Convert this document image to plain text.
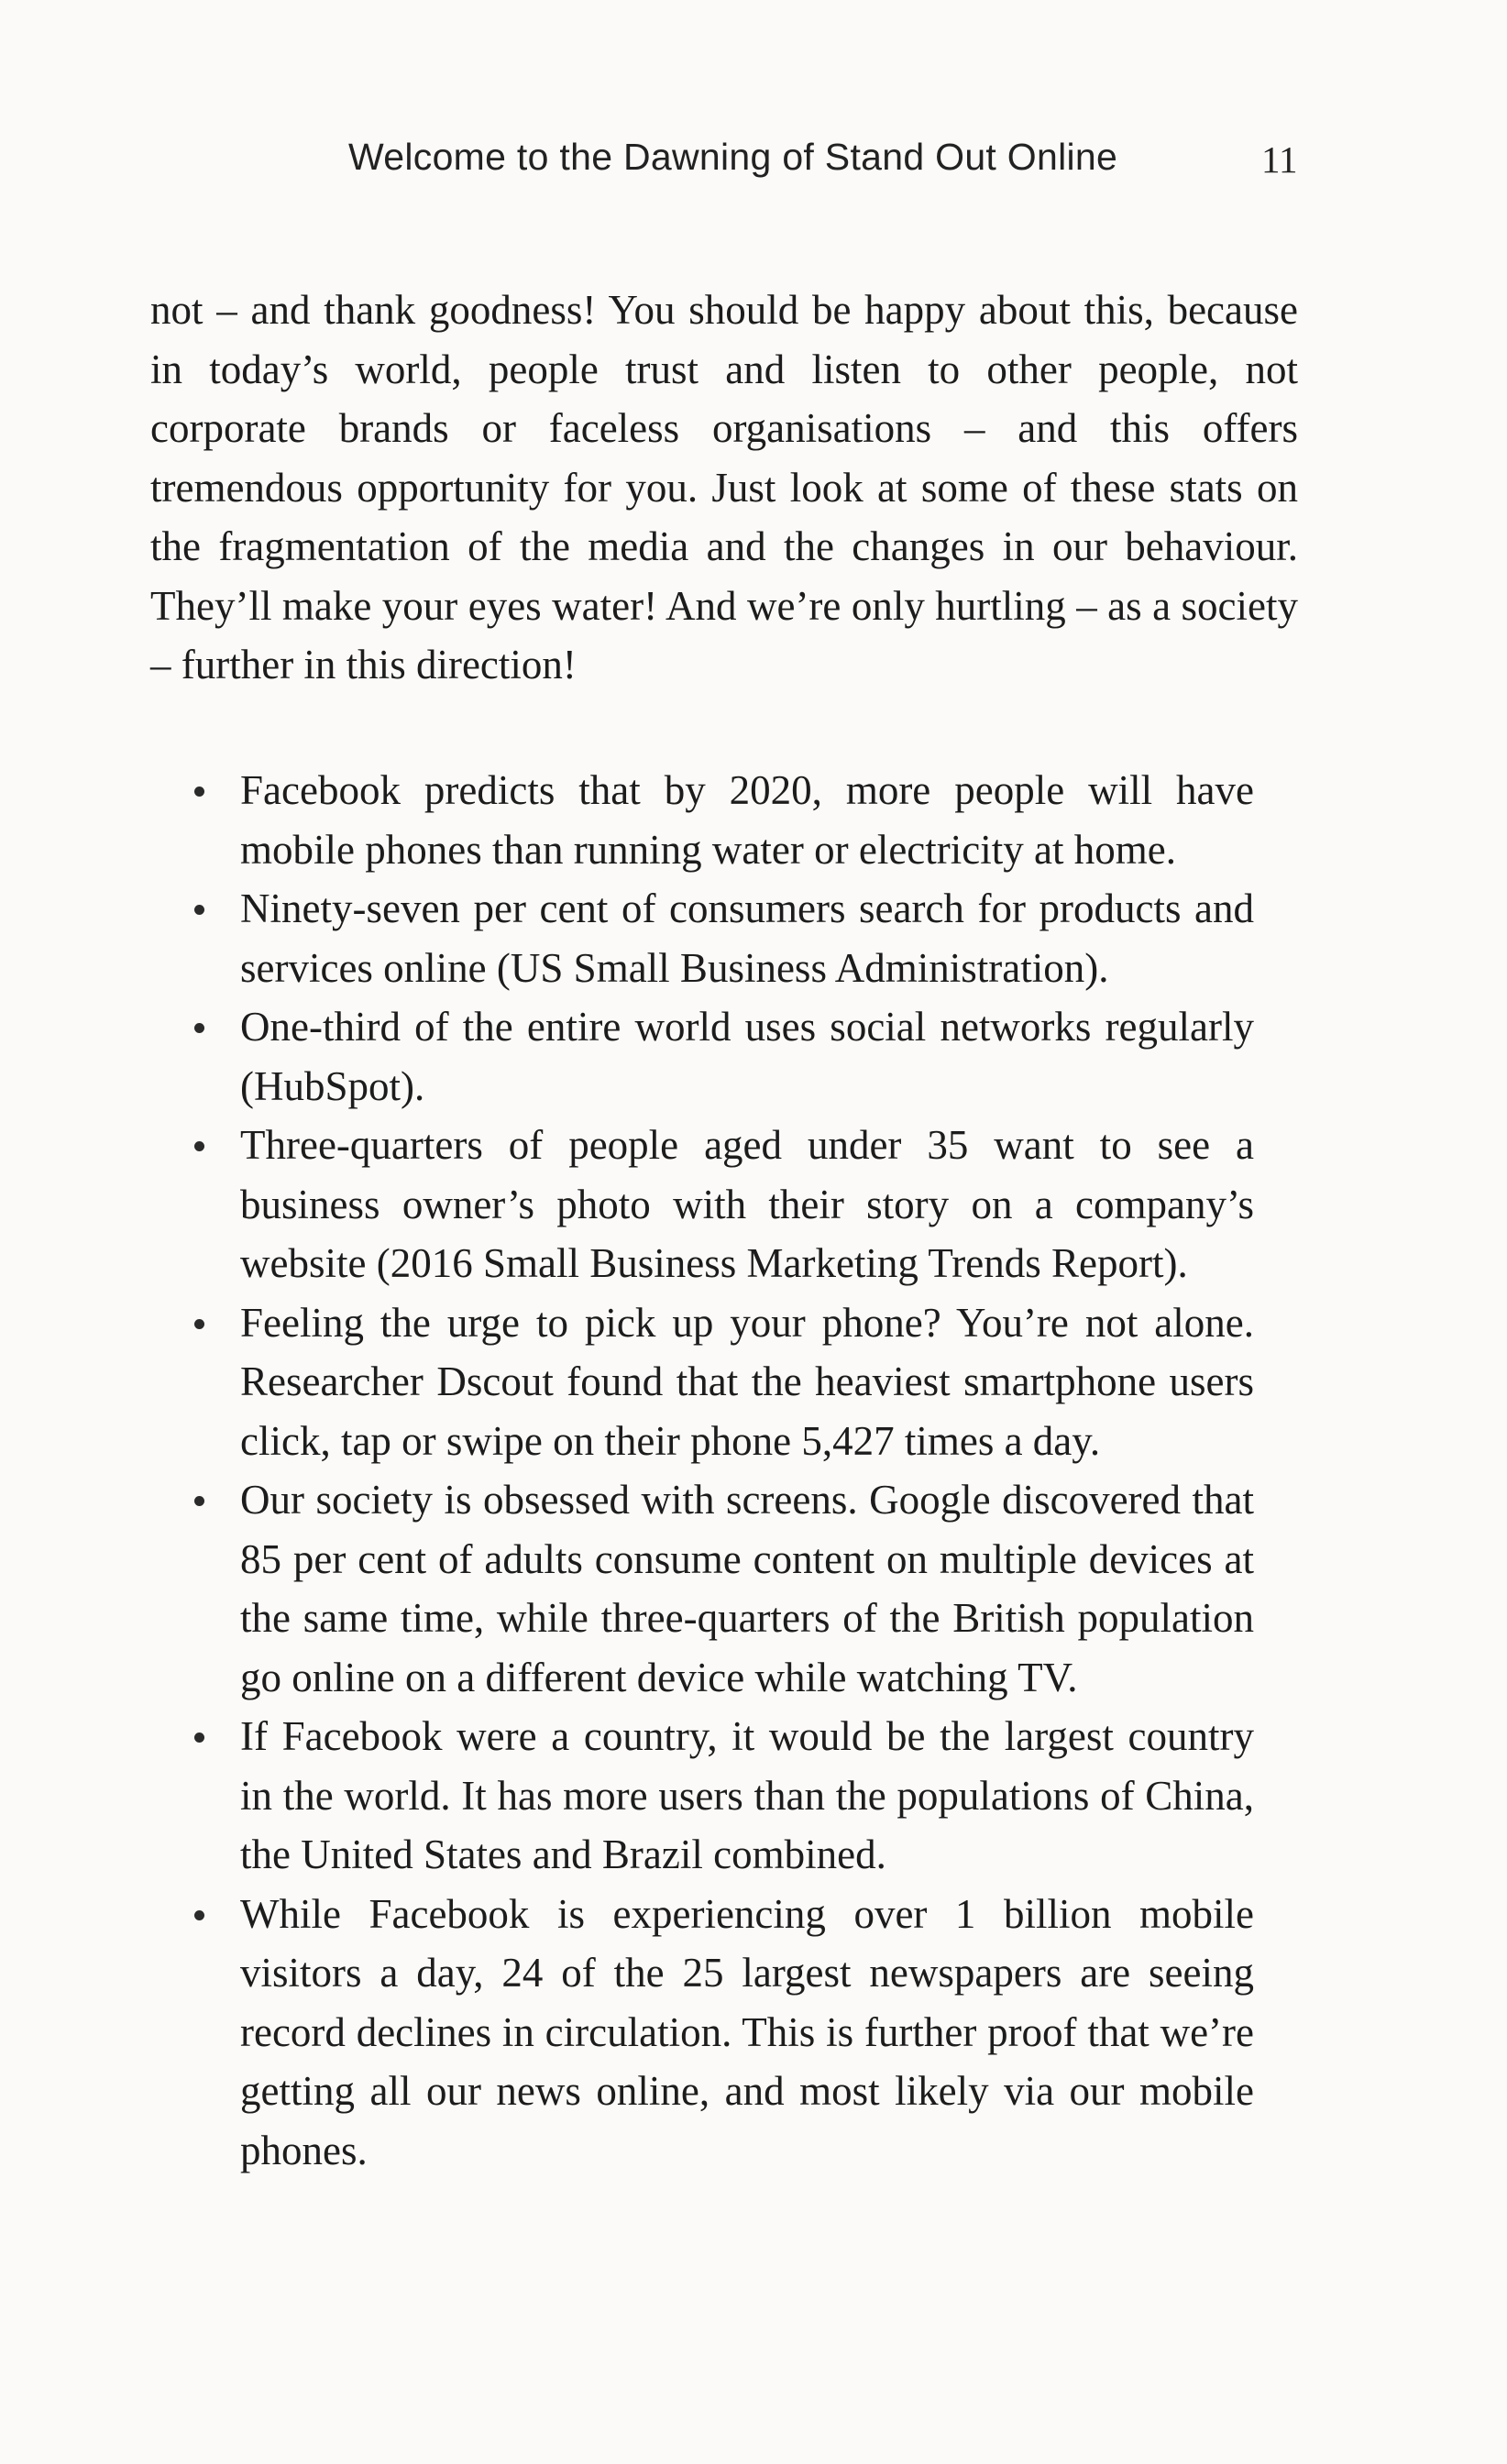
Welcome to the Dawning of Stand Out Online	11

not – and thank goodness! You should be happy about this, because in today’s world, people trust and listen to other people, not corporate brands or faceless organisations – and this offers tremendous opportunity for you. Just look at some of these stats on the fragmentation of the media and the changes in our behaviour. They’ll make your eyes water! And we’re only hurtling – as a society – further in this direction!

Facebook predicts that by 2020, more people will have mobile phones than running water or electricity at home.
Ninety-seven per cent of consumers search for products and services online (US Small Business Administration).
One-third of the entire world uses social networks regularly (HubSpot).
Three-quarters of people aged under 35 want to see a business owner’s photo with their story on a company’s website (2016 Small Business Marketing Trends Report).
Feeling the urge to pick up your phone? You’re not alone. Researcher Dscout found that the heaviest smartphone users click, tap or swipe on their phone 5,427 times a day.
Our society is obsessed with screens. Google discovered that 85 per cent of adults consume content on multiple devices at the same time, while three-quarters of the British population go online on a different device while watching TV.
If Facebook were a country, it would be the largest country in the world. It has more users than the populations of China, the United States and Brazil combined.
While Facebook is experiencing over 1 billion mobile visitors a day, 24 of the 25 largest newspapers are seeing record declines in circulation. This is further proof that we’re getting all our news online, and most likely via our mobile phones.
